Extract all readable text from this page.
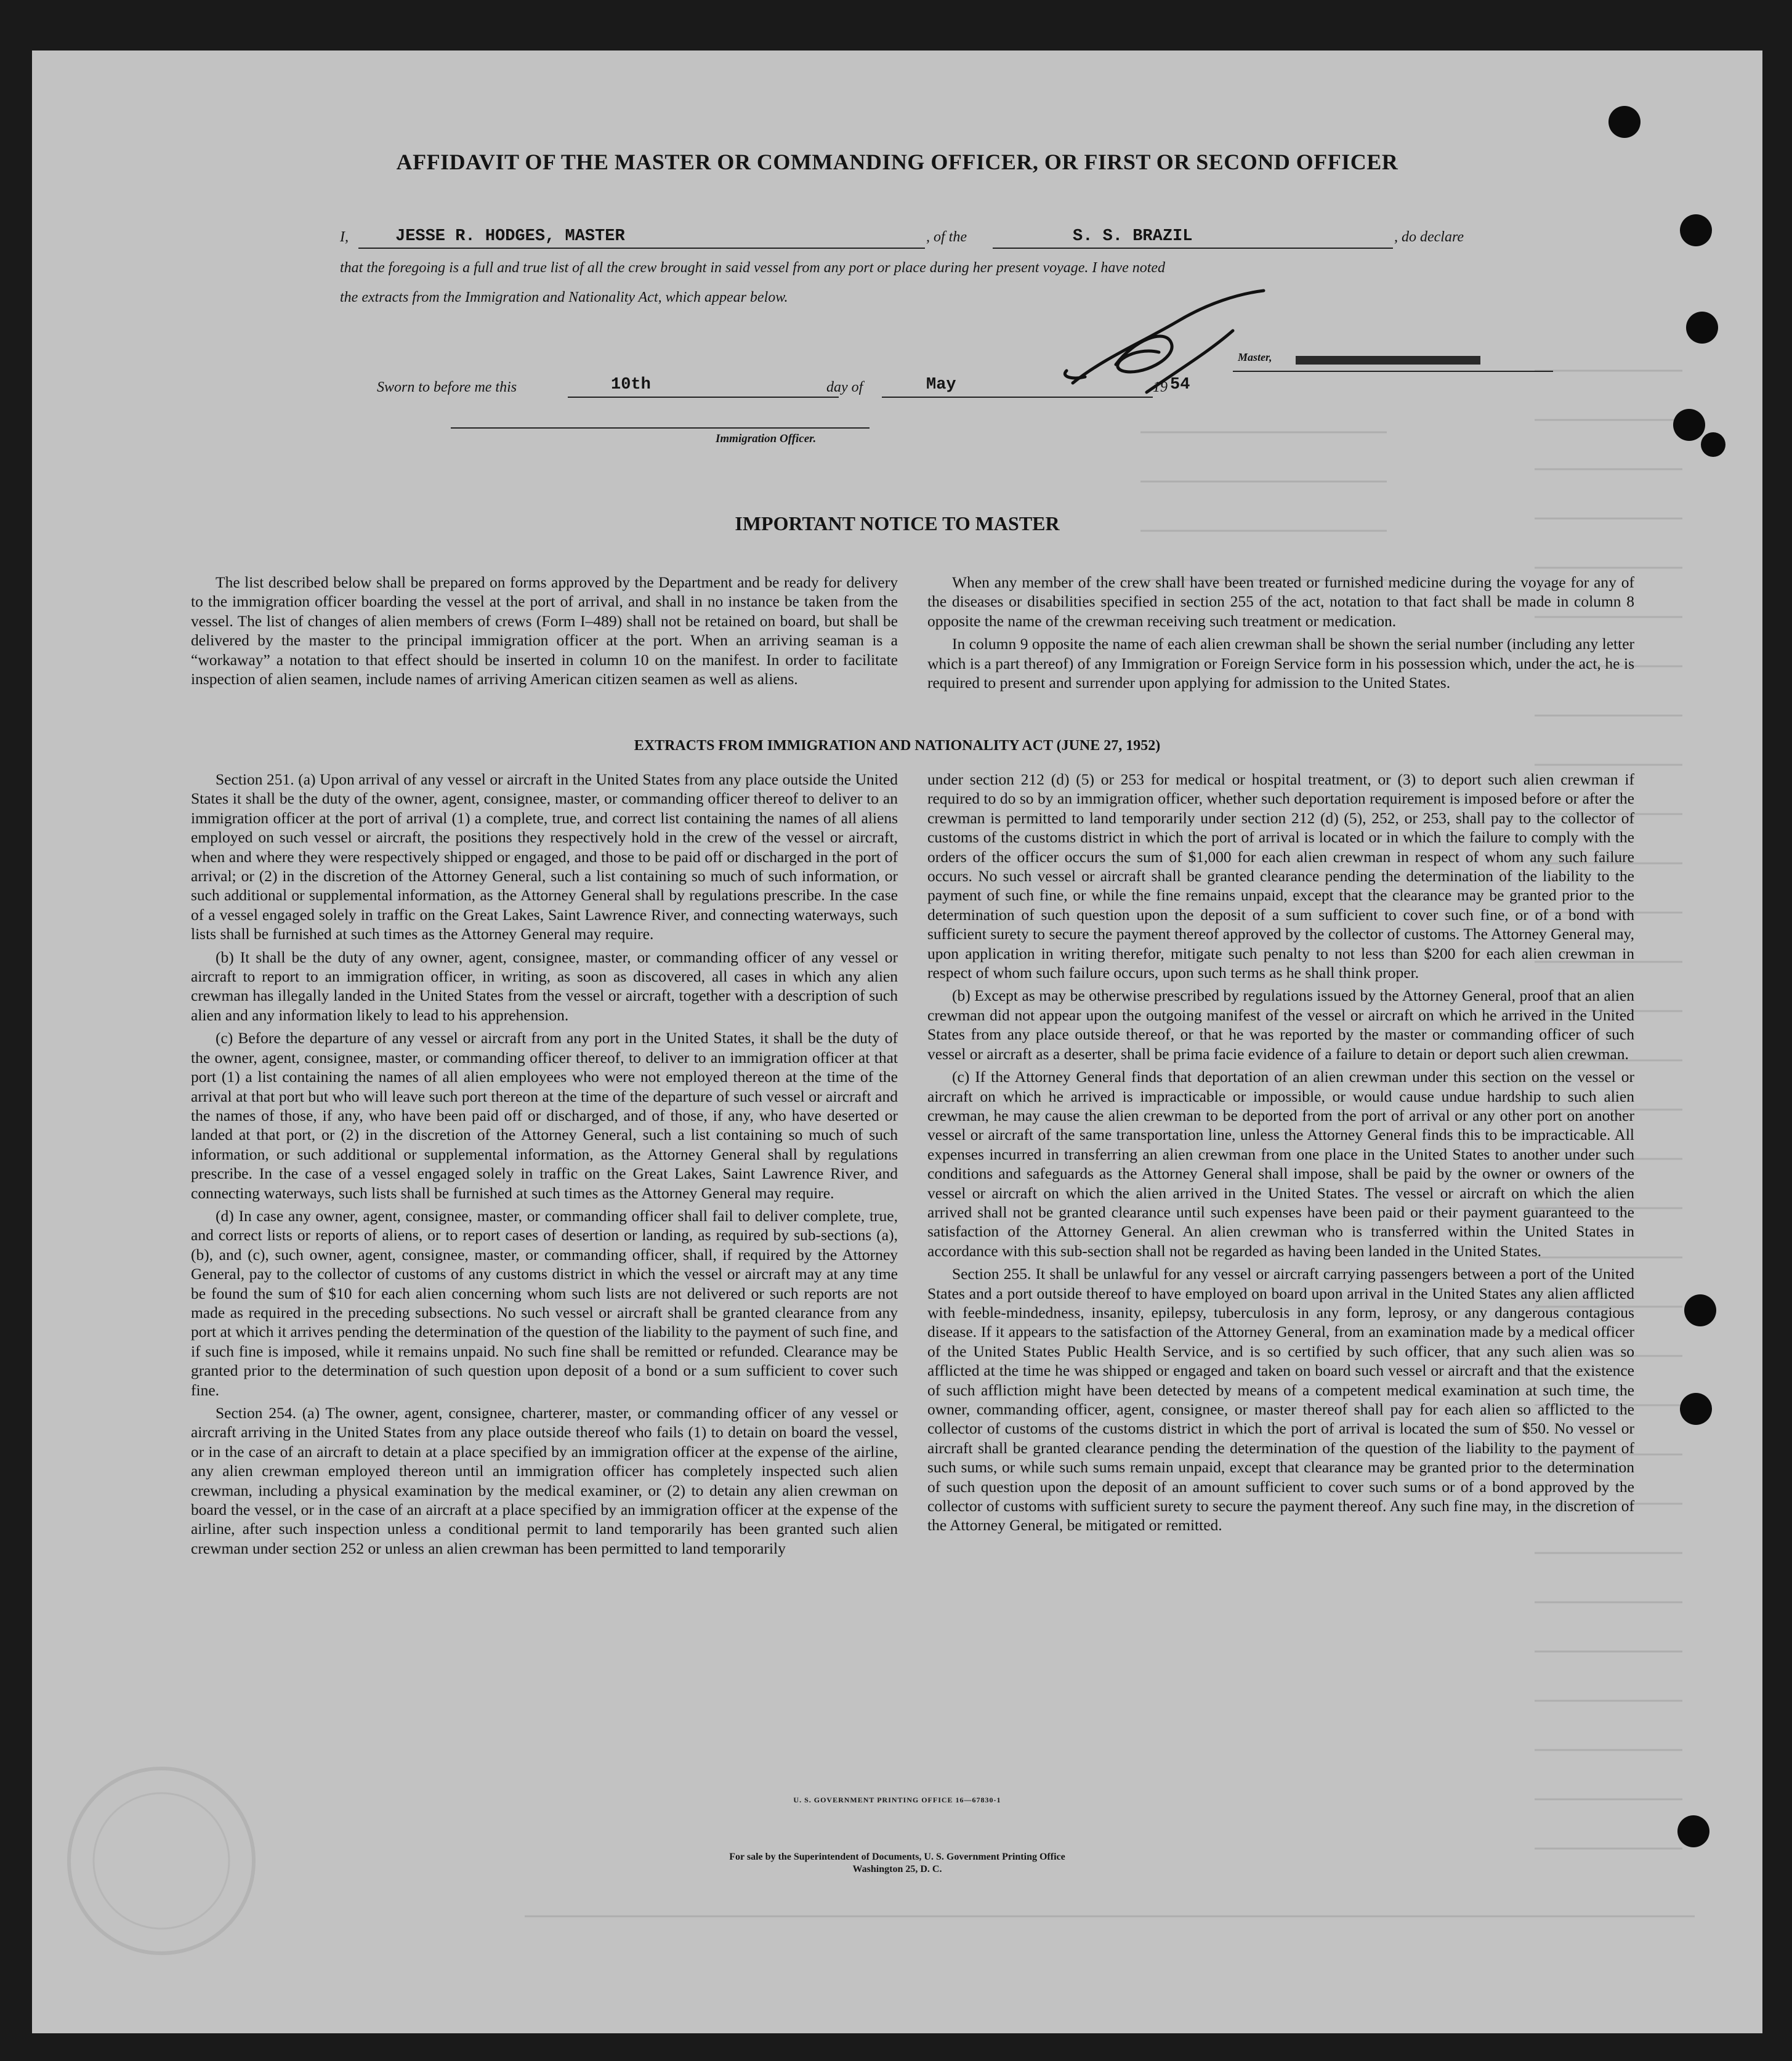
AFFIDAVIT OF THE MASTER OR COMMANDING OFFICER, OR FIRST OR SECOND OFFICER
I,	JESSE R. HODGES, MASTER	, of the	S. S. BRAZIL	, do declare
that the foregoing is a full and true list of all the crew brought in said vessel from any port or place during her present voyage. I have noted
the extracts from the Immigration and Nationality Act, which appear below.
Master,
Sworn to before me this	10th	day of	May	, 19 54
Immigration Officer.
IMPORTANT NOTICE TO MASTER

The list described below shall be prepared on forms approved by the Department and be ready for delivery to the immigration officer boarding the vessel at the port of arrival, and shall in no instance be taken from the vessel. The list of changes of alien members of crews (Form I–489) shall not be retained on board, but shall be delivered by the master to the principal immigration officer at the port. When an arriving seaman is a “workaway” a notation to that effect should be inserted in column 10 on the manifest. In order to facilitate inspection of alien seamen, include names of arriving American citizen seamen as well as aliens.

When any member of the crew shall have been treated or furnished medicine during the voyage for any of the diseases or disabilities specified in section 255 of the act, notation to that fact shall be made in column 8 opposite the name of the crewman receiving such treatment or medication.

In column 9 opposite the name of each alien crewman shall be shown the serial number (including any letter which is a part thereof) of any Immigration or Foreign Service form in his possession which, under the act, he is required to present and surrender upon applying for admission to the United States.

EXTRACTS FROM IMMIGRATION AND NATIONALITY ACT (JUNE 27, 1952)

Section 251. (a) Upon arrival of any vessel or aircraft in the United States from any place outside the United States it shall be the duty of the owner, agent, consignee, master, or commanding officer thereof to deliver to an immigration officer at the port of arrival (1) a complete, true, and correct list containing the names of all aliens employed on such vessel or aircraft, the positions they respectively hold in the crew of the vessel or aircraft, when and where they were respectively shipped or engaged, and those to be paid off or discharged in the port of arrival; or (2) in the discretion of the Attorney General, such a list containing so much of such information, or such additional or supplemental information, as the Attorney General shall by regulations prescribe. In the case of a vessel engaged solely in traffic on the Great Lakes, Saint Lawrence River, and connecting waterways, such lists shall be furnished at such times as the Attorney General may require.

(b) It shall be the duty of any owner, agent, consignee, master, or commanding officer of any vessel or aircraft to report to an immigration officer, in writing, as soon as discovered, all cases in which any alien crewman has illegally landed in the United States from the vessel or aircraft, together with a description of such alien and any information likely to lead to his apprehension.

(c) Before the departure of any vessel or aircraft from any port in the United States, it shall be the duty of the owner, agent, consignee, master, or commanding officer thereof, to deliver to an immigration officer at that port (1) a list containing the names of all alien employees who were not employed thereon at the time of the arrival at that port but who will leave such port thereon at the time of the departure of such vessel or aircraft and the names of those, if any, who have been paid off or discharged, and of those, if any, who have deserted or landed at that port, or (2) in the discretion of the Attorney General, such a list containing so much of such information, or such additional or supplemental information, as the Attorney General shall by regulations prescribe. In the case of a vessel engaged solely in traffic on the Great Lakes, Saint Lawrence River, and connecting waterways, such lists shall be furnished at such times as the Attorney General may require.

(d) In case any owner, agent, consignee, master, or commanding officer shall fail to deliver complete, true, and correct lists or reports of aliens, or to report cases of desertion or landing, as required by sub-sections (a), (b), and (c), such owner, agent, consignee, master, or commanding officer, shall, if required by the Attorney General, pay to the collector of customs of any customs district in which the vessel or aircraft may at any time be found the sum of $10 for each alien concerning whom such lists are not delivered or such reports are not made as required in the preceding subsections. No such vessel or aircraft shall be granted clearance from any port at which it arrives pending the determination of the question of the liability to the payment of such fine, and if such fine is imposed, while it remains unpaid. No such fine shall be remitted or refunded. Clearance may be granted prior to the determination of such question upon deposit of a bond or a sum sufficient to cover such fine.

Section 254. (a) The owner, agent, consignee, charterer, master, or commanding officer of any vessel or aircraft arriving in the United States from any place outside thereof who fails (1) to detain on board the vessel, or in the case of an aircraft to detain at a place specified by an immigration officer at the expense of the airline, any alien crewman employed thereon until an immigration officer has completely inspected such alien crewman, including a physical examination by the medical examiner, or (2) to detain any alien crewman on board the vessel, or in the case of an aircraft at a place specified by an immigration officer at the expense of the airline, after such inspection unless a conditional permit to land temporarily has been granted such alien crewman under section 252 or unless an alien crewman has been permitted to land temporarily

under section 212 (d) (5) or 253 for medical or hospital treatment, or (3) to deport such alien crewman if required to do so by an immigration officer, whether such deportation requirement is imposed before or after the crewman is permitted to land temporarily under section 212 (d) (5), 252, or 253, shall pay to the collector of customs of the customs district in which the port of arrival is located or in which the failure to comply with the orders of the officer occurs the sum of $1,000 for each alien crewman in respect of whom any such failure occurs. No such vessel or aircraft shall be granted clearance pending the determination of the liability to the payment of such fine, or while the fine remains unpaid, except that the clearance may be granted prior to the determination of such question upon the deposit of a sum sufficient to cover such fine, or of a bond with sufficient surety to secure the payment thereof approved by the collector of customs. The Attorney General may, upon application in writing therefor, mitigate such penalty to not less than $200 for each alien crewman in respect of whom such failure occurs, upon such terms as he shall think proper.

(b) Except as may be otherwise prescribed by regulations issued by the Attorney General, proof that an alien crewman did not appear upon the outgoing manifest of the vessel or aircraft on which he arrived in the United States from any place outside thereof, or that he was reported by the master or commanding officer of such vessel or aircraft as a deserter, shall be prima facie evidence of a failure to detain or deport such alien crewman.

(c) If the Attorney General finds that deportation of an alien crewman under this section on the vessel or aircraft on which he arrived is impracticable or impossible, or would cause undue hardship to such alien crewman, he may cause the alien crewman to be deported from the port of arrival or any other port on another vessel or aircraft of the same transportation line, unless the Attorney General finds this to be impracticable. All expenses incurred in transferring an alien crewman from one place in the United States to another under such conditions and safeguards as the Attorney General shall impose, shall be paid by the owner or owners of the vessel or aircraft on which the alien arrived in the United States. The vessel or aircraft on which the alien arrived shall not be granted clearance until such expenses have been paid or their payment guaranteed to the satisfaction of the Attorney General. An alien crewman who is transferred within the United States in accordance with this sub-section shall not be regarded as having been landed in the United States.

Section 255. It shall be unlawful for any vessel or aircraft carrying passengers between a port of the United States and a port outside thereof to have employed on board upon arrival in the United States any alien afflicted with feeble-mindedness, insanity, epilepsy, tuberculosis in any form, leprosy, or any dangerous contagious disease. If it appears to the satisfaction of the Attorney General, from an examination made by a medical officer of the United States Public Health Service, and is so certified by such officer, that any such alien was so afflicted at the time he was shipped or engaged and taken on board such vessel or aircraft and that the existence of such affliction might have been detected by means of a competent medical examination at such time, the owner, commanding officer, agent, consignee, or master thereof shall pay for each alien so afflicted to the collector of customs of the customs district in which the port of arrival is located the sum of $50. No vessel or aircraft shall be granted clearance pending the determination of the question of the liability to the payment of such sums, or while such sums remain unpaid, except that clearance may be granted prior to the determination of such question upon the deposit of an amount sufficient to cover such sums or of a bond approved by the collector of customs with sufficient surety to secure the payment thereof. Any such fine may, in the discretion of the Attorney General, be mitigated or remitted.

U. S. GOVERNMENT PRINTING OFFICE 16—67830-1
For sale by the Superintendent of Documents, U. S. Government Printing Office
Washington 25, D. C.
